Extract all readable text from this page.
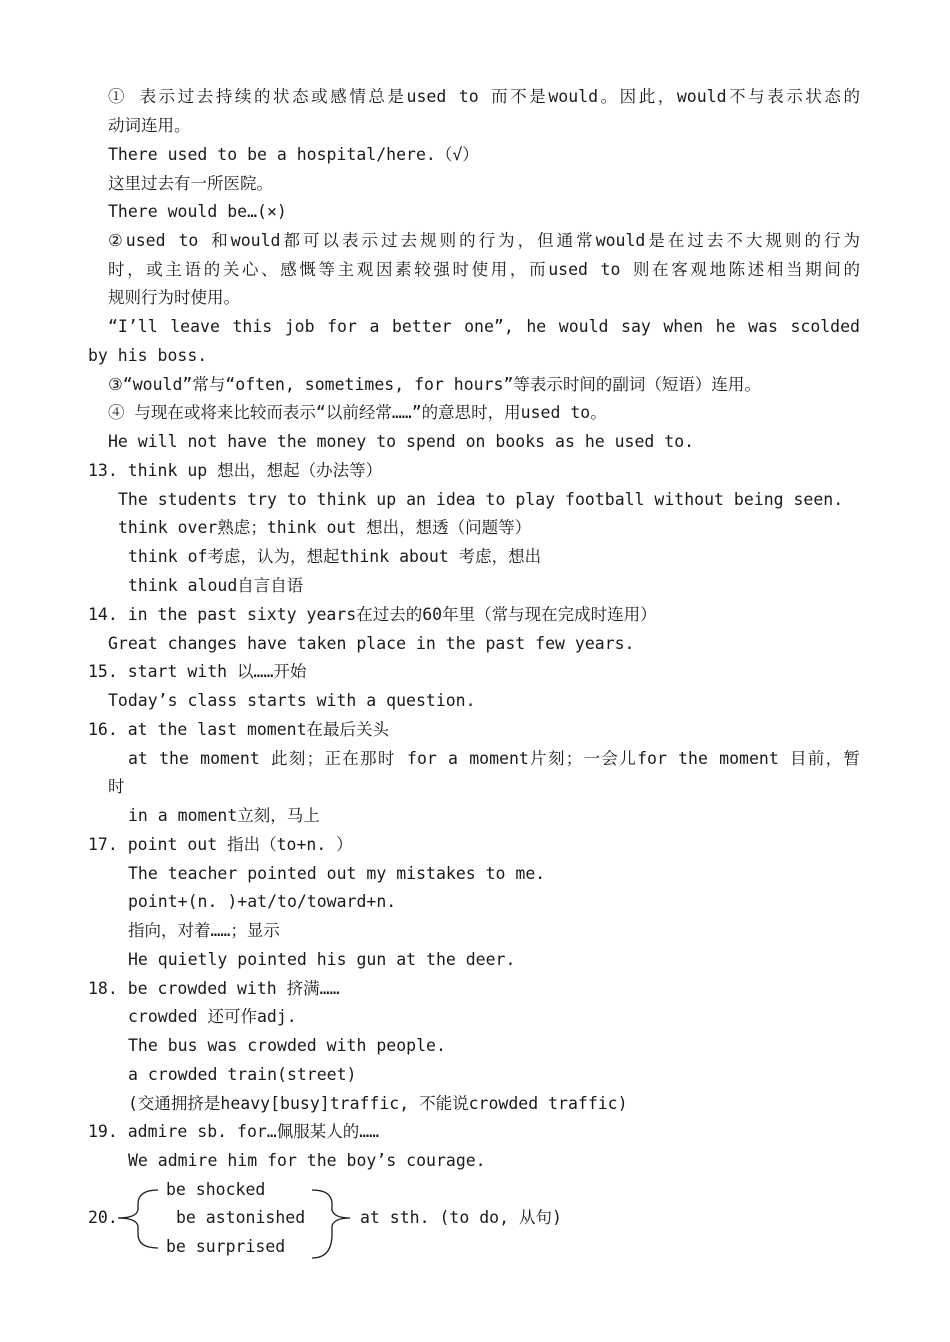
① 表示过去持续的状态或感情总是used to 而不是would。因此，would不与表示状态的
动词连用。
There used to be a hospital/here.（√）
这里过去有一所医院。
There would be…(×)
②used to 和would都可以表示过去规则的行为，但通常would是在过去不大规则的行为
时，或主语的关心、感慨等主观因素较强时使用，而used to 则在客观地陈述相当期间的
规则行为时使用。
“I’ll leave this job for a better one”, he would say when he was scolded
by his boss.
③“would”常与“often, sometimes, for hours”等表示时间的副词（短语）连用。
④ 与现在或将来比较而表示“以前经常……”的意思时，用used to。
He will not have the money to spend on books as he used to.
13. think up 想出，想起（办法等）
The students try to think up an idea to play football without being seen.
think over熟虑；think out 想出，想透（问题等）
think of考虑，认为，想起think about 考虑，想出
think aloud自言自语
14. in the past sixty years在过去的60年里（常与现在完成时连用）
Great changes have taken place in the past few years.
15. start with 以……开始
Today’s class starts with a question.
16. at the last moment在最后关头
at the moment 此刻；正在那时 for a moment片刻；一会儿for the moment 目前，暂
时
in a moment立刻，马上
17. point out 指出（to+n. ）
The teacher pointed out my mistakes to me.
point+(n. )+at/to/toward+n.
指向，对着……；显示
He quietly pointed his gun at the deer.
18. be crowded with 挤满……
crowded 还可作adj.
The bus was crowded with people.
a crowded train(street)
(交通拥挤是heavy[busy]traffic, 不能说crowded traffic)
19. admire sb. for…佩服某人的……
We admire him for the boy’s courage.
20.
be shocked
be astonished
be surprised
at sth. (to do, 从句)
